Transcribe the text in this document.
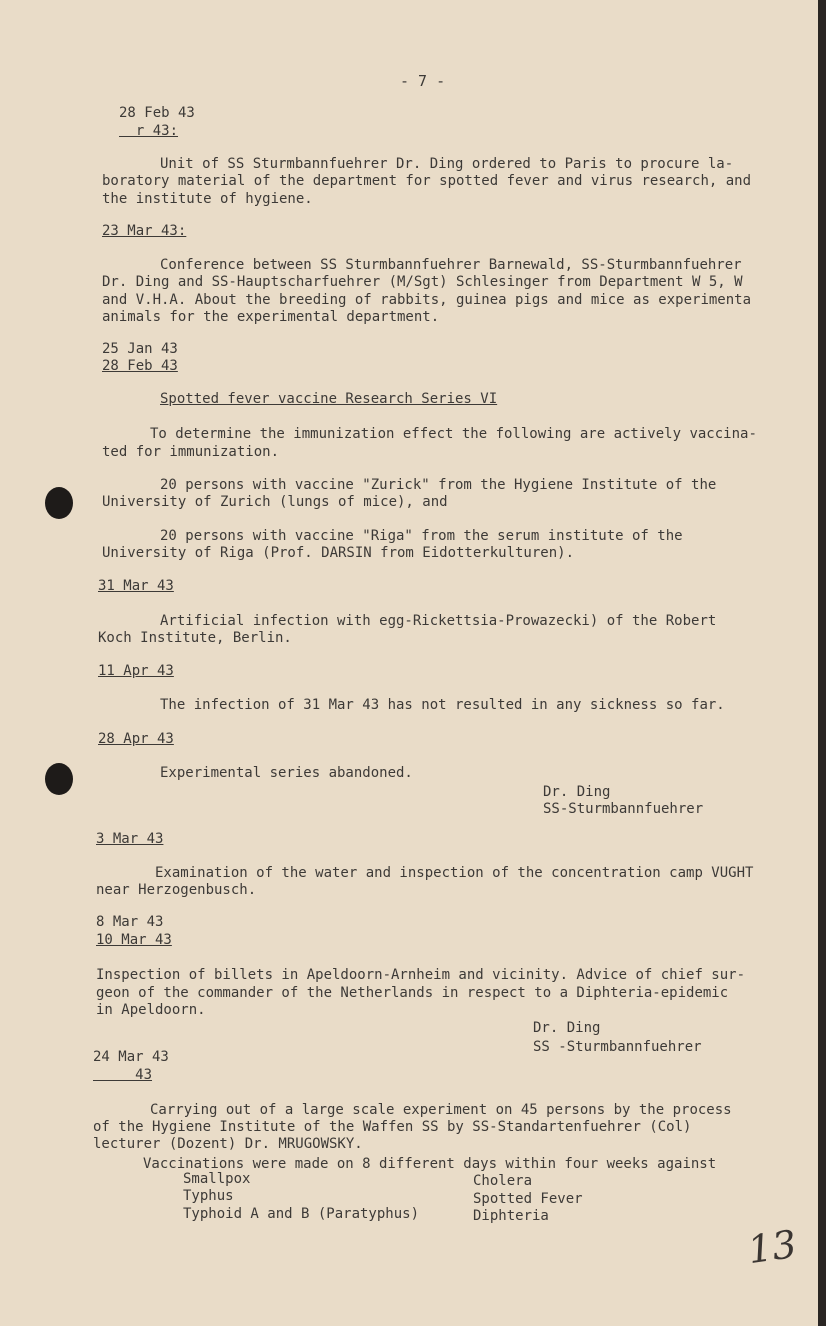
- 7 -
28 Feb 43
r 43:
Unit of SS Sturmbannfuehrer Dr. Ding ordered to Paris to procure la-
boratory material of the department for spotted fever and virus research, and
the institute of hygiene.
23 Mar 43:
Conference between SS Sturmbannfuehrer Barnewald, SS-Sturmbannfuehrer
Dr. Ding and SS-Hauptscharfuehrer (M/Sgt) Schlesinger from Department W 5, W
and V.H.A. About the breeding of rabbits, guinea pigs and mice as experimenta
animals for the experimental department.
25 Jan 43
28 Feb 43
Spotted fever vaccine Research Series VI
To determine the immunization effect the following are actively vaccina-
ted for immunization.
20 persons with vaccine "Zurick" from the Hygiene Institute of the
University of Zurich (lungs of mice), and
20 persons with vaccine "Riga" from the serum institute of the
University of Riga (Prof. DARSIN from Eidotterkulturen).
31 Mar 43
Artificial infection with egg-Rickettsia-Prowazecki) of the Robert
Koch Institute, Berlin.
11 Apr 43
The infection of 31 Mar 43 has not resulted in any sickness so far.
28 Apr 43
Experimental series abandoned.
Dr. Ding
SS-Sturmbannfuehrer
3 Mar 43
Examination of the water and inspection of the concentration camp VUGHT
near Herzogenbusch.
8 Mar 43
10 Mar 43
Inspection of billets in Apeldoorn-Arnheim and vicinity. Advice of chief sur-
geon of the commander of the Netherlands in respect to a Diphteria-epidemic
in Apeldoorn.
Dr. Ding
SS -Sturmbannfuehrer
24 Mar 43
43
Carrying out of a large scale experiment on 45 persons by the process
of the Hygiene Institute of the Waffen SS by SS-Standartenfuehrer (Col)
lecturer (Dozent) Dr. MRUGOWSKY.
Vaccinations were made on 8 different days within four weeks against
Smallpox
Typhus
Typhoid A and B (Paratyphus)
Cholera
Spotted Fever
Diphteria
13
